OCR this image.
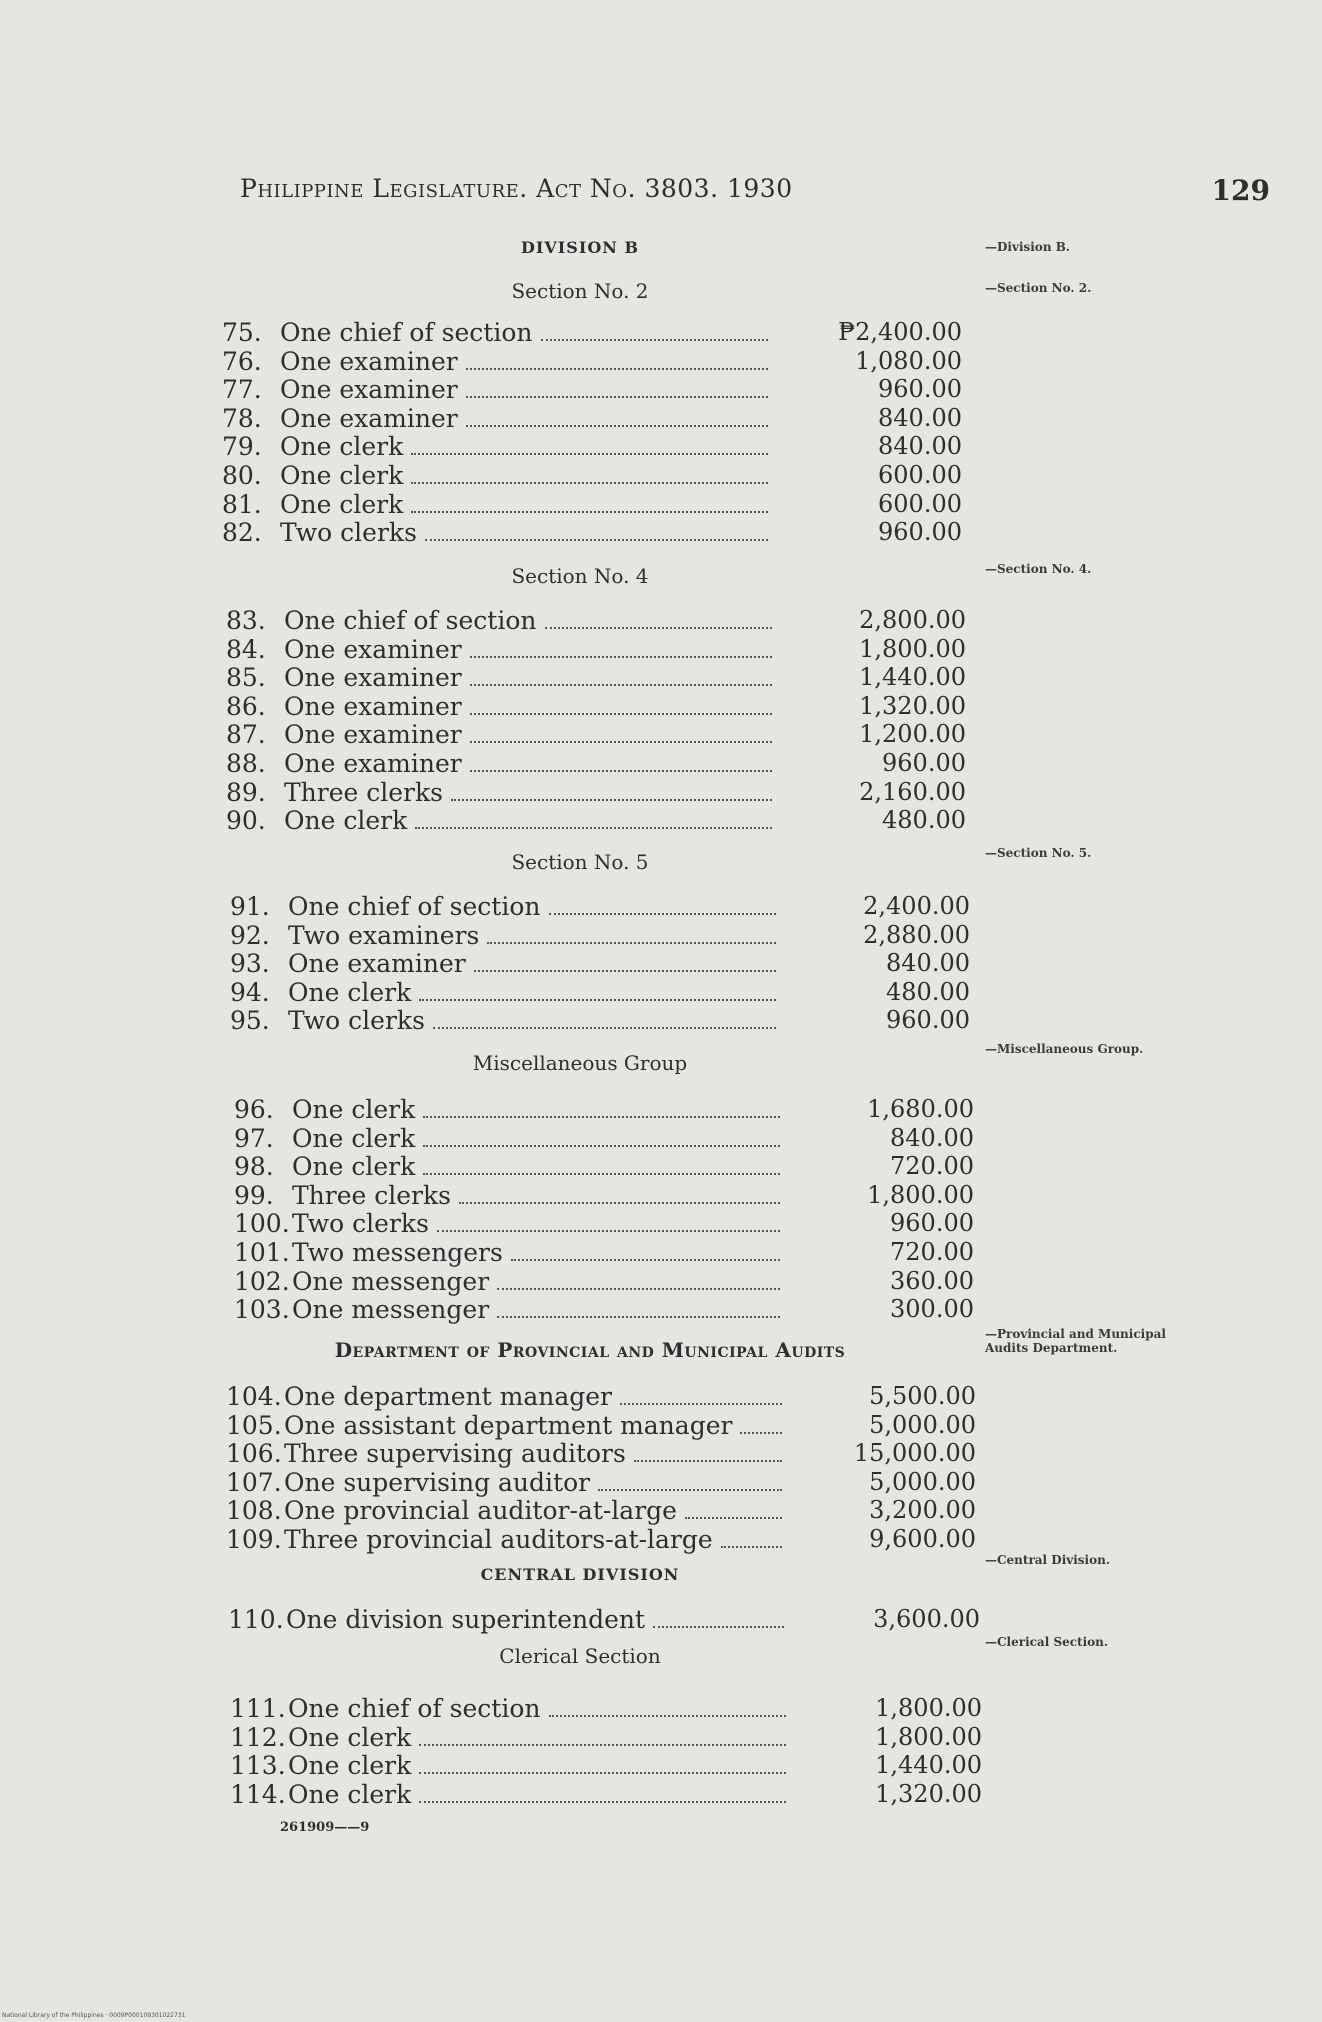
Philippine Legislature. Act No. 3803. 1930	129
DIVISION B	—Division B.
Section No. 2	—Section No. 2.
75. One chief of section	₱2,400.00
76. One examiner	1,080.00
77. One examiner	960.00
78. One examiner	840.00
79. One clerk	840.00
80. One clerk	600.00
81. One clerk	600.00
82. Two clerks	960.00
Section No. 4	—Section No. 4.
83. One chief of section	2,800.00
84. One examiner	1,800.00
85. One examiner	1,440.00
86. One examiner	1,320.00
87. One examiner	1,200.00
88. One examiner	960.00
89. Three clerks	2,160.00
90. One clerk	480.00
Section No. 5	—Section No. 5.
91. One chief of section	2,400.00
92. Two examiners	2,880.00
93. One examiner	840.00
94. One clerk	480.00
95. Two clerks	960.00
Miscellaneous Group
—Miscellaneous Group.
96. One clerk	1,680.00
97. One clerk	840.00
98. One clerk	720.00
99. Three clerks	1,800.00
100. Two clerks	960.00
101. Two messengers	720.00
102. One messenger	360.00
103. One messenger	300.00
Department of Provincial and Municipal Audits
—Provincial and Municipal Audits Department.
104. One department manager	5,500.00
105. One assistant department manager	5,000.00
106. Three supervising auditors	15,000.00
107. One supervising auditor	5,000.00
108. One provincial auditor-at-large	3,200.00
109. Three provincial auditors-at-large	9,600.00
CENTRAL DIVISION
—Central Division.
110. One division superintendent	3,600.00
Clerical Section
—Clerical Section.
111. One chief of section	1,800.00
112. One clerk	1,800.00
113. One clerk	1,440.00
114. One clerk	1,320.00
261909——9
National Library of the Philippines · 0009P000109301022731
